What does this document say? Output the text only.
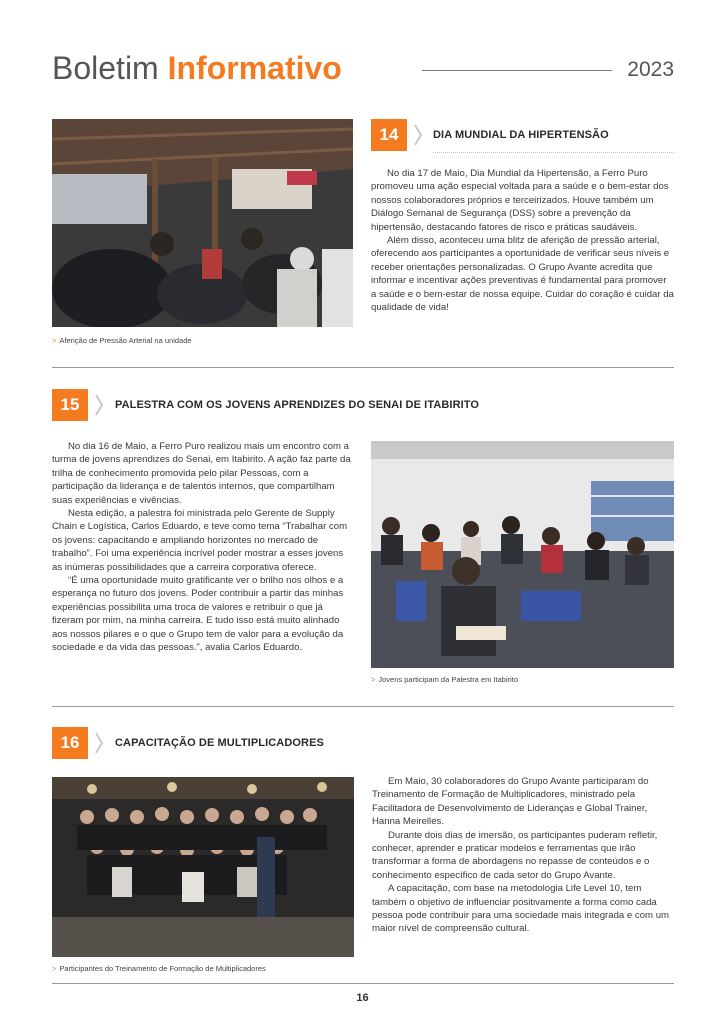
Boletim Informativo	2023
> Aferição de Pressão Arterial na unidade
14	DIA MUNDIAL DA HIPERTENSÃO

No dia 17 de Maio, Dia Mundial da Hipertensão, a Ferro Puro promoveu uma ação especial voltada para a saúde e o bem-estar dos nossos colaboradores próprios e terceirizados. Houve também um Diálogo Semanal de Segurança (DSS) sobre a prevenção da hipertensão, destacando fatores de risco e práticas saudáveis.

Além disso, aconteceu uma blitz de aferição de pressão arterial, oferecendo aos participantes a oportunidade de verificar seus níveis e receber orientações personalizadas. O Grupo Avante acredita que informar e incentivar ações preventivas é fundamental para promover a saúde e o bem-estar de nossa equipe. Cuidar do coração é cuidar da qualidade de vida!

15	PALESTRA COM OS JOVENS APRENDIZES DO SENAI DE ITABIRITO

No dia 16 de Maio, a Ferro Puro realizou mais um encontro com a turma de jovens aprendizes do Senai, em Itabirito. A ação faz parte da trilha de conhecimento promovida pelo pilar Pessoas, com a participação da liderança e de talentos internos, que compartilham suas experiências e vivências.

Nesta edição, a palestra foi ministrada pelo Gerente de Supply Chain e Logística, Carlos Eduardo, e teve como tema “Trabalhar com os jovens: capacitando e ampliando horizontes no mercado de trabalho”. Foi uma experiência incrível poder mostrar a esses jovens as inúmeras possibilidades que a carreira corporativa oferece.

“É uma oportunidade muito gratificante ver o brilho nos olhos e a esperança no futuro dos jovens. Poder contribuir a partir das minhas experiências possibilita uma troca de valores e retribuir o que já fizeram por mim, na minha carreira. E tudo isso está muito alinhado aos nossos pilares e o que o Grupo tem de valor para a evolução da sociedade e da vida das pessoas.”, avalia Carlos Eduardo.

> Jovens participam da Palestra em Itabirito
16	CAPACITAÇÃO DE MULTIPLICADORES
> Participantes do Treinamento de Formação de Multiplicadores

Em Maio, 30 colaboradores do Grupo Avante participaram do Treinamento de Formação de Multiplicadores, ministrado pela Facilitadora de Desenvolvimento de Lideranças e Global Trainer, Hanna Meirelles.

Durante dois dias de imersão, os participantes puderam refletir, conhecer, aprender e praticar modelos e ferramentas que irão transformar a forma de abordagens no repasse de conteúdos e o conhecimento específico de cada setor do Grupo Avante.

A capacitação, com base na metodologia Life Level 10, tem também o objetivo de influenciar positivamente a forma como cada pessoa pode contribuir para uma sociedade mais integrada e com um maior nível de compreensão cultural.

16
